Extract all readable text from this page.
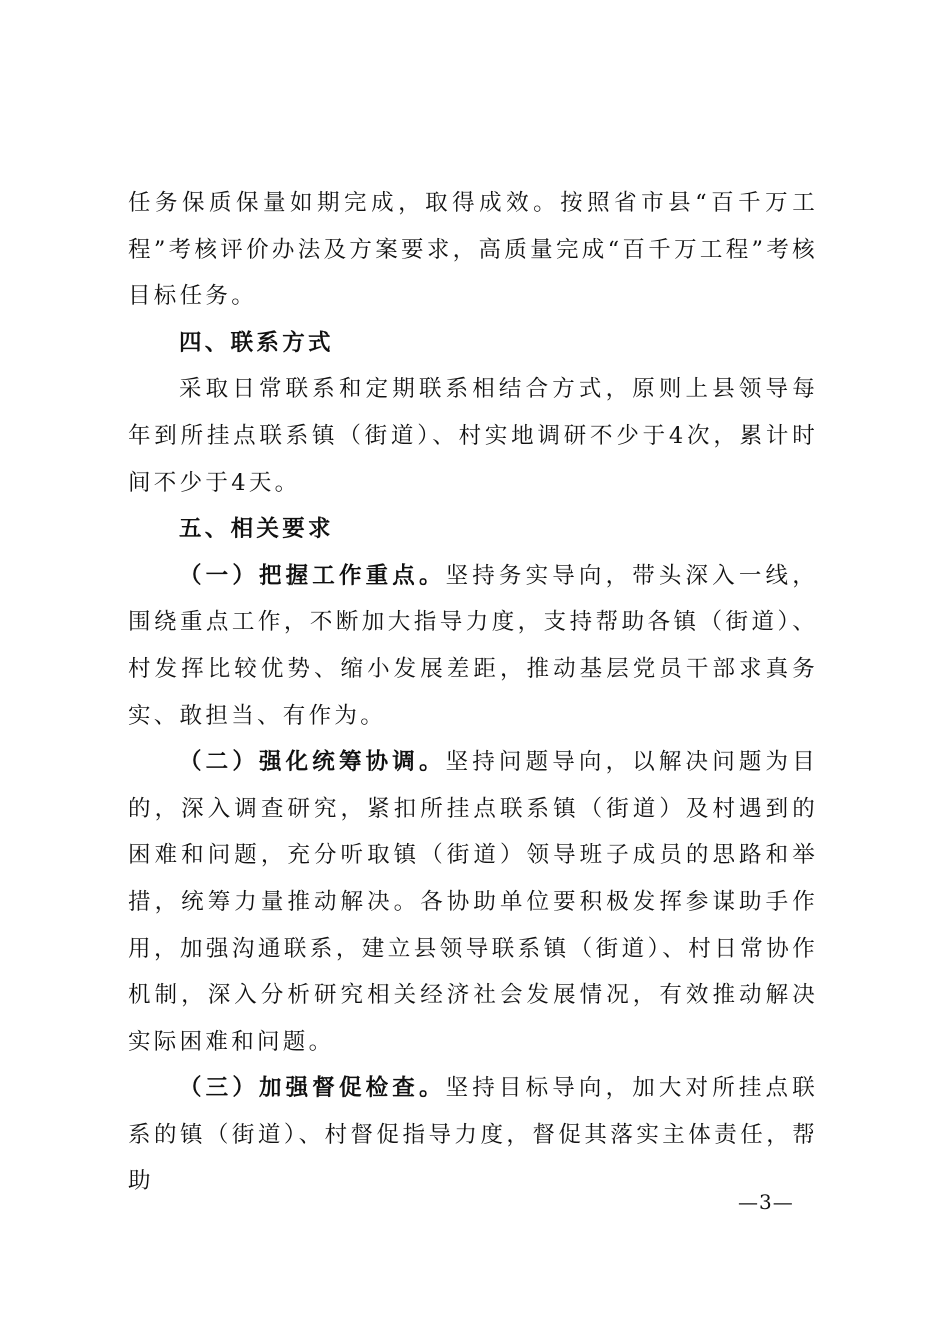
任务保质保量如期完成，取得成效。按照省市县“百千万工程”考核评价办法及方案要求，高质量完成“百千万工程”考核目标任务。

四、联系方式

采取日常联系和定期联系相结合方式，原则上县领导每年到所挂点联系镇（街道）、村实地调研不少于4次，累计时间不少于4天。

五、相关要求

（一）把握工作重点。坚持务实导向，带头深入一线，围绕重点工作，不断加大指导力度，支持帮助各镇（街道）、村发挥比较优势、缩小发展差距，推动基层党员干部求真务实、敢担当、有作为。

（二）强化统筹协调。坚持问题导向，以解决问题为目的，深入调查研究，紧扣所挂点联系镇（街道）及村遇到的困难和问题，充分听取镇（街道）领导班子成员的思路和举措，统筹力量推动解决。各协助单位要积极发挥参谋助手作用，加强沟通联系，建立县领导联系镇（街道）、村日常协作机制，深入分析研究相关经济社会发展情况，有效推动解决实际困难和问题。

（三）加强督促检查。坚持目标导向，加大对所挂点联系的镇（街道）、村督促指导力度，督促其落实主体责任，帮助

—3—
